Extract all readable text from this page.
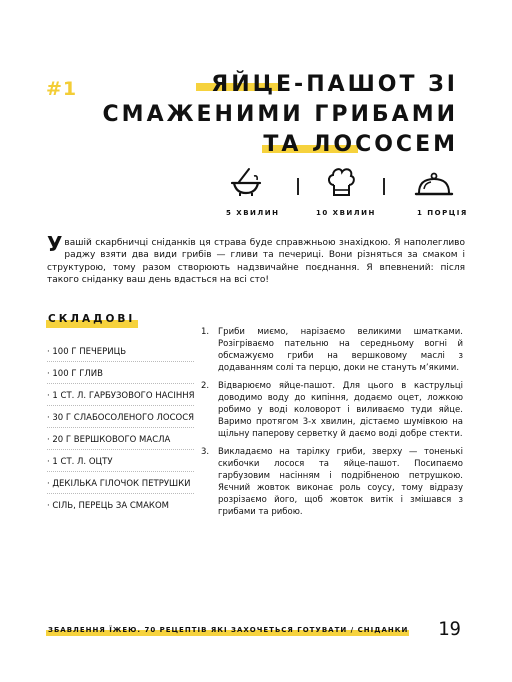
#1	ЯЙЦЕ-ПАШОТ ЗІ
СМАЖЕНИМИ ГРИБАМИ
ТА ЛОСОСЕМ
5 ХВИЛИН	10 ХВИЛИН	1 ПОРЦІЯ
У вашій скарбничці сніданків ця страва буде справжньою знахідкою. Я наполегливо раджу взяти два види грибів — гливи та печериці. Вони різняться за смаком і структурою, тому разом створюють надзвичайне поєднання. Я впевнений: після такого сніданку ваш день вдасться на всі сто!
СКЛАДОВІ
· 100 Г ПЕЧЕРИЦЬ
· 100 Г ГЛИВ
· 1 СТ. Л. ГАРБУЗОВОГО НАСІННЯ
· 30 Г СЛАБОСОЛЕНОГО ЛОСОСЯ
· 20 Г ВЕРШКОВОГО МАСЛА
· 1 СТ. Л. ОЦТУ
· ДЕКІЛЬКА ГІЛОЧОК ПЕТРУШКИ
· СІЛЬ, ПЕРЕЦЬ ЗА СМАКОМ
1. Гриби миємо, нарізаємо великими шматками. Розігріваємо пательню на середньому вогні й обсмажуємо гриби на вершковому маслі з додаванням солі та перцю, доки не стануть м’якими.
2. Відварюємо яйце-пашот. Для цього в каструльці доводимо воду до кипіння, додаємо оцет, ложкою робимо у воді коловорот і виливаємо туди яйце. Варимо протягом 3-х хвилин, дістаємо шумівкою на щільну паперову серветку й даємо воді добре стекти.
3. Викладаємо на тарілку гриби, зверху — тоненькі скибочки лосося та яйце-пашот. Посипаємо гарбузовим насінням і подрібненою петрушкою. Яєчний жовток виконає роль соусу, тому відразу розрізаємо його, щоб жовток витік і змішався з грибами та рибою.
ЗБАВЛЕННЯ ЇЖЕЮ. 70 РЕЦЕПТІВ ЯКІ ЗАХОЧЕТЬСЯ ГОТУВАТИ / СНІДАНКИ 19
